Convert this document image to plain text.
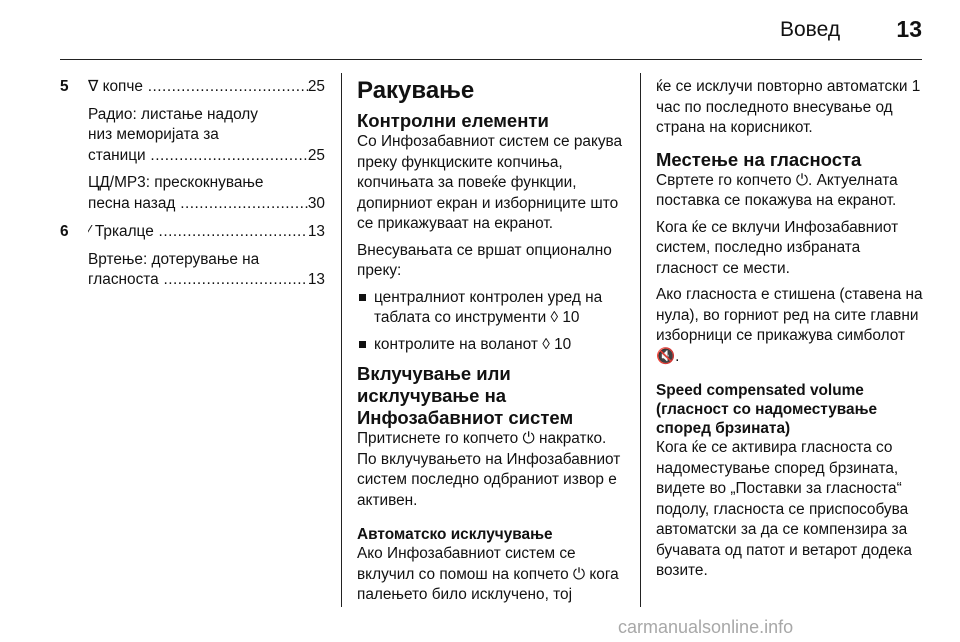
Вовед 13
5 ∇ копче .....	25
Радио: листање надолу
низ меморијата за
станици .....	25
ЦД/MP3: прескокнување
песна назад .....	30
6 ⁄ Тркалце .....	13
Вртење: дотерување на
гласноста .....	13
Ракување
Контролни елементи

Со Инфозабавниот систем се ракува преку функциските копчиња, копчињата за повеќе функции, допирниот екран и изборниците што се прикажуваат на екранот.

Внесувањата се вршат опционално преку:

централниот контролен уред на таблата со инструменти ◊ 10
контролите на воланот ◊ 10
Вклучување или исклучување на Инфозабавниот систем

Притиснете го копчето ⏻ накратко. По вклучувањето на Инфозабавниот систем последно одбраниот извор е активен.

Автоматско исклучување

Ако Инфозабавниот систем се вклучил со помош на копчето ⏻ кога палењето било исклучено, тој

ќе се исклучи повторно автоматски 1 час по последното внесување од страна на корисникот.

Местење на гласноста

Свртете го копчето ⏻. Актуелната поставка се покажува на екранот.

Кога ќе се вклучи Инфозабавниот систем, последно избраната гласност се мести.

Ако гласноста е стишена (ставена на нула), во горниот ред на сите главни изборници се прикажува симболот 🔇.

Speed compensated volume (гласност со надоместување според брзината)

Кога ќе се активира гласноста со надоместување според брзината, видете во „Поставки за гласноста“ подолу, гласноста се приспособува автоматски за да се компензира за бучавата од патот и ветарот додека возите.

carmanualsonline.info
